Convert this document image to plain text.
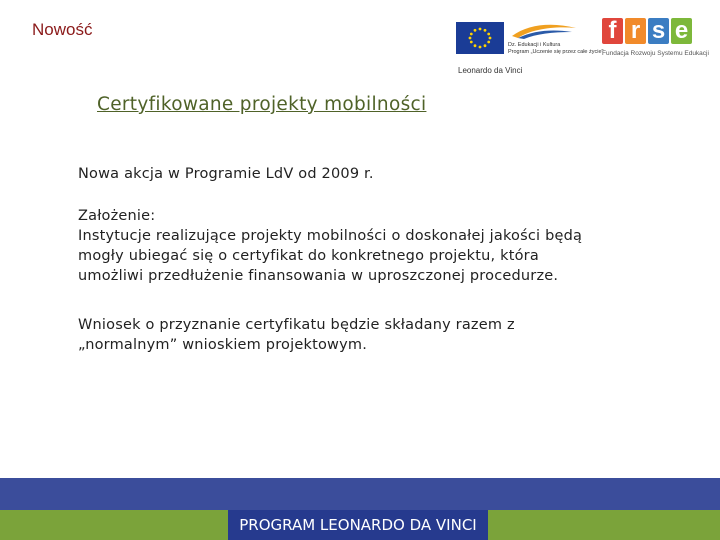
Nowość
Dz. Edukacji i Kultura
Program „Uczenie się przez całe życie"
Leonardo da Vinci
f r s e
Fundacja Rozwoju Systemu Edukacji
Certyfikowane projekty mobilności
Nowa akcja w Programie LdV od 2009 r.
Założenie:
Instytucje realizujące projekty mobilności o doskonałej jakości będą
mogły ubiegać się o certyfikat do konkretnego projektu, która
umożliwi przedłużenie finansowania w uproszczonej procedurze.
Wniosek o przyznanie certyfikatu będzie składany razem z
„normalnym” wnioskiem projektowym.
PROGRAM LEONARDO DA VINCI
